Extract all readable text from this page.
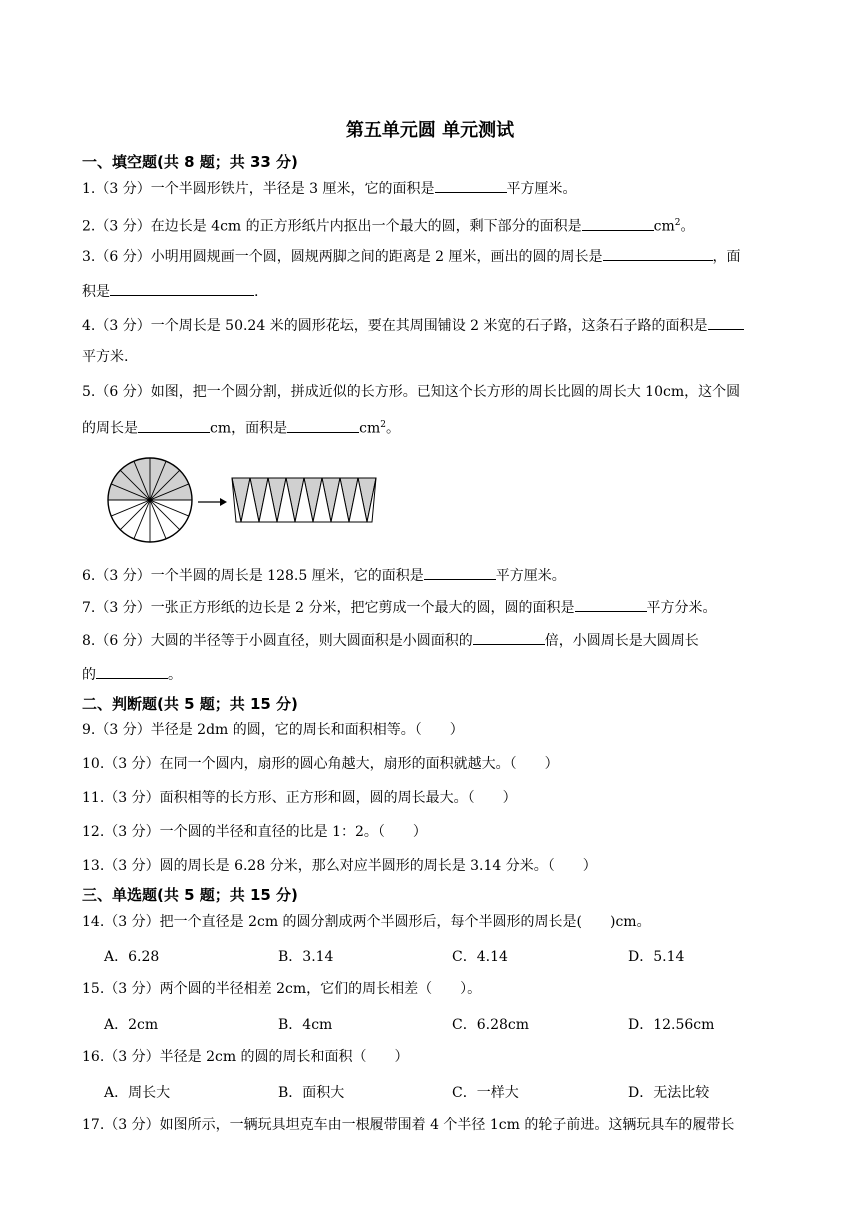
第五单元圆 单元测试
一、填空题(共 8 题；共 33 分)
1.（3 分）一个半圆形铁片，半径是 3 厘米，它的面积是	平方厘米。
2.（3 分）在边长是 4cm 的正方形纸片内抠出一个最大的圆，剩下部分的面积是	$cm^2$。
3.（6 分）小明用圆规画一个圆，圆规两脚之间的距离是 2 厘米，画出的圆的周长是	，面
积是	.
4.（3 分）一个周长是 50.24 米的圆形花坛，要在其周围铺设 2 米宽的石子路，这条石子路的面积是
平方米.
5.（6 分）如图，把一个圆分割，拼成近似的长方形。已知这个长方形的周长比圆的周长大 10cm，这个圆
的周长是	cm，面积是	$cm^2$。
6.（3 分）一个半圆的周长是 128.5 厘米，它的面积是	平方厘米。
7.（3 分）一张正方形纸的边长是 2 分米，把它剪成一个最大的圆，圆的面积是	平方分米。
8.（6 分）大圆的半径等于小圆直径，则大圆面积是小圆面积的	倍，小圆周长是大圆周长
的	。
二、判断题(共 5 题；共 15 分)
9.（3 分）半径是 2dm 的圆，它的周长和面积相等。（　　）
10.（3 分）在同一个圆内，扇形的圆心角越大，扇形的面积就越大。（　　）
11.（3 分）面积相等的长方形、正方形和圆，圆的周长最大。（　　）
12.（3 分）一个圆的半径和直径的比是 1：2。（　　）
13.（3 分）圆的周长是 6.28 分米，那么对应半圆形的周长是 3.14 分米。（　　）
三、单选题(共 5 题；共 15 分)
14.（3 分）把一个直径是 2cm 的圆分割成两个半圆形后，每个半圆形的周长是(　　)cm。
A．6.28	B．3.14	C．4.14	D．5.14
15.（3 分）两个圆的半径相差 2cm，它们的周长相差（　　）。
A．2cm	B．4cm	C．6.28cm	D．12.56cm
16.（3 分）半径是 2cm 的圆的周长和面积（　　）
A．周长大	B．面积大	C．一样大	D．无法比较
17.（3 分）如图所示，一辆玩具坦克车由一根履带围着 4 个半径 1cm 的轮子前进。这辆玩具车的履带长
